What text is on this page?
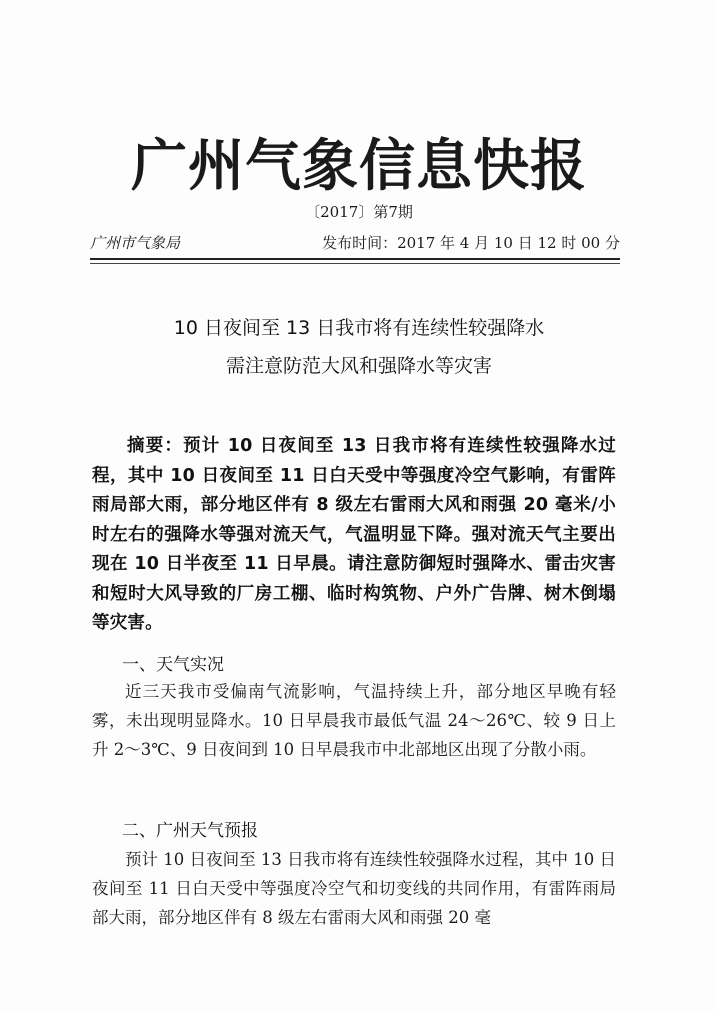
广州气象信息快报
〔2017〕第7期
广州市气象局	发布时间：2017 年 4 月 10 日 12 时 00 分
10 日夜间至 13 日我市将有连续性较强降水
需注意防范大风和强降水等灾害
摘要：预计 10 日夜间至 13 日我市将有连续性较强降水过程，其中 10 日夜间至 11 日白天受中等强度冷空气影响，有雷阵雨局部大雨，部分地区伴有 8 级左右雷雨大风和雨强 20 毫米/小时左右的强降水等强对流天气，气温明显下降。强对流天气主要出现在 10 日半夜至 11 日早晨。请注意防御短时强降水、雷击灾害和短时大风导致的厂房工棚、临时构筑物、户外广告牌、树木倒塌等灾害。
一、天气实况
近三天我市受偏南气流影响，气温持续上升，部分地区早晚有轻雾，未出现明显降水。10 日早晨我市最低气温 24～26℃、较 9 日上升 2～3℃、9 日夜间到 10 日早晨我市中北部地区出现了分散小雨。
二、广州天气预报
预计 10 日夜间至 13 日我市将有连续性较强降水过程，其中 10 日夜间至 11 日白天受中等强度冷空气和切变线的共同作用，有雷阵雨局部大雨，部分地区伴有 8 级左右雷雨大风和雨强 20 毫
